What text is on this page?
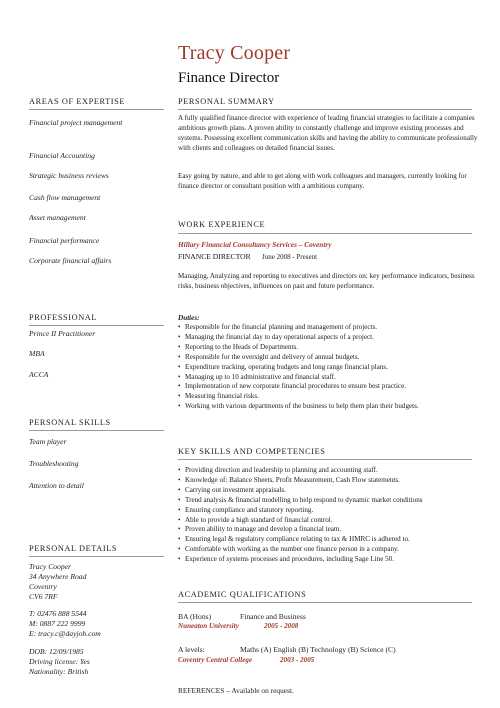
Tracy Cooper
Finance Director
AREAS OF EXPERTISE
Financial project management
Financial Accounting
Strategic business reviews
Cash flow management
Asset management
Financial performance
Corporate financial affairs
PROFESSIONAL
Prince II Practitioner
MBA
ACCA
PERSONAL SKILLS
Team player
Troubleshooting
Attention to detail
PERSONAL DETAILS
Tracy Cooper
34 Anywhere Road
Coventry
CV6 7RF
T: 02476 888 5544
M: 0887 222 9999
E: tracy.c@dayjob.com
DOB: 12/09/1985
Driving license: Yes
Nationality: British
PERSONAL SUMMARY
A fully qualified finance director with experience of leading financial strategies to facilitate a companies ambitious growth plans. A proven ability to constantly challenge and improve existing processes and systems. Possessing excellent communication skills and having the ability to communicate professionally with clients and colleagues on detailed financial issues.
Easy going by nature, and able to get along with work colleagues and managers, currently looking for finance director or consultant position with a ambitious company.
WORK EXPERIENCE
Hillary Financial Consultancy Services – Coventry
FINANCE DIRECTOR June 2008 - Present
Managing, Analyzing and reporting to executives and directors on: key performance indicators, business risks, business objectives, influences on past and future performance.
Duties:
• Responsible for the financial planning and management of projects.
• Managing the financial day to day operational aspects of a project.
• Reporting to the Heads of Departments.
• Responsible for the oversight and delivery of annual budgets.
• Expenditure tracking, operating budgets and long range financial plans.
• Managing up to 10 administrative and financial staff.
• Implementation of new corporate financial procedures to ensure best practice.
• Measuring financial risks.
• Working with various departments of the business to help them plan their budgets.
KEY SKILLS AND COMPETENCIES
• Providing direction and leadership to planning and accounting staff.
• Knowledge of: Balance Sheets, Profit Measurement, Cash Flow statements.
• Carrying out investment appraisals.
• Trend analysis & financial modelling to help respond to dynamic market conditions
• Ensuring compliance and statutory reporting.
• Able to provide a high standard of financial control.
• Proven ability to manage and develop a financial team.
• Ensuring legal & regulatory compliance relating to tax & HMRC is adhered to.
• Comfortable with working as the number one finance person in a company.
• Experience of systems processes and procedures, including Sage Line 50.
ACADEMIC QUALIFICATIONS
BA (Hons)	Finance and Business
Nuneaton University	2005 - 2008
A levels:	Maths (A) English (B) Technology (B) Science (C)
Coventry Central College	2003 - 2005
REFERENCES – Available on request.
